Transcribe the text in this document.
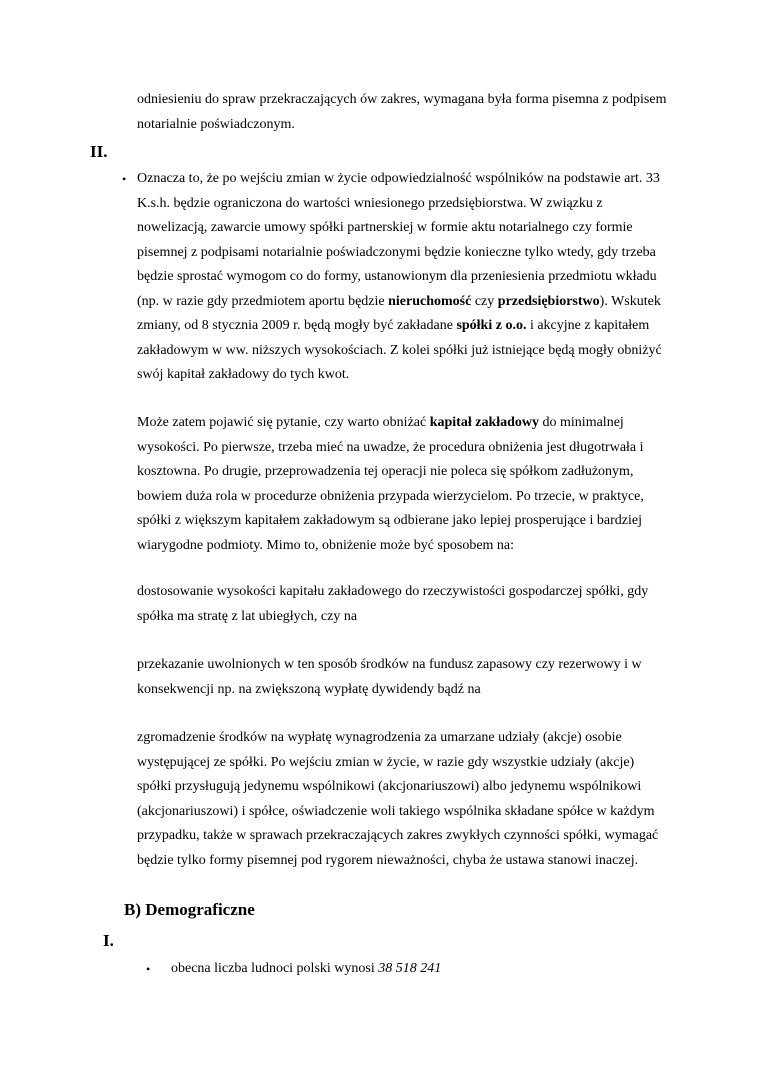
odniesieniu do spraw przekraczających ów zakres, wymagana była forma pisemna z podpisem
notarialnie poświadczonym.

II.
• Oznacza to, że po wejściu zmian w życie odpowiedzialność wspólników na podstawie art. 33
K.s.h. będzie ograniczona do wartości wniesionego przedsiębiorstwa. W związku z
nowelizacją, zawarcie umowy spółki partnerskiej w formie aktu notarialnego czy formie
pisemnej z podpisami notarialnie poświadczonymi będzie konieczne tylko wtedy, gdy trzeba
będzie sprostać wymogom co do formy, ustanowionym dla przeniesienia przedmiotu wkładu
(np. w razie gdy przedmiotem aportu będzie nieruchomość czy przedsiębiorstwo). Wskutek
zmiany, od 8 stycznia 2009 r. będą mogły być zakładane spółki z o.o. i akcyjne z kapitałem
zakładowym w ww. niższych wysokościach. Z kolei spółki już istniejące będą mogły obniżyć
swój kapitał zakładowy do tych kwot.

Może zatem pojawić się pytanie, czy warto obniżać kapitał zakładowy do minimalnej
wysokości. Po pierwsze, trzeba mieć na uwadze, że procedura obniżenia jest długotrwała i
kosztowna. Po drugie, przeprowadzenia tej operacji nie poleca się spółkom zadłużonym,
bowiem duża rola w procedurze obniżenia przypada wierzycielom. Po trzecie, w praktyce,
spółki z większym kapitałem zakładowym są odbierane jako lepiej prosperujące i bardziej
wiarygodne podmioty. Mimo to, obniżenie może być sposobem na:

dostosowanie wysokości kapitału zakładowego do rzeczywistości gospodarczej spółki, gdy
spółka ma stratę z lat ubiegłych, czy na

przekazanie uwolnionych w ten sposób środków na fundusz zapasowy czy rezerwowy i w
konsekwencji np. na zwiększoną wypłatę dywidendy bądź na

zgromadzenie środków na wypłatę wynagrodzenia za umarzane udziały (akcje) osobie
występującej ze spółki. Po wejściu zmian w życie, w razie gdy wszystkie udziały (akcje)
spółki przysługują jedynemu wspólnikowi (akcjonariuszowi) albo jedynemu wspólnikowi
(akcjonariuszowi) i spółce, oświadczenie woli takiego wspólnika składane spółce w każdym
przypadku, także w sprawach przekraczających zakres zwykłych czynności spółki, wymagać
będzie tylko formy pisemnej pod rygorem nieważności, chyba że ustawa stanowi inaczej.

B) Demograficzne
I.
• obecna liczba ludnoci polski wynosi 38 518 241
